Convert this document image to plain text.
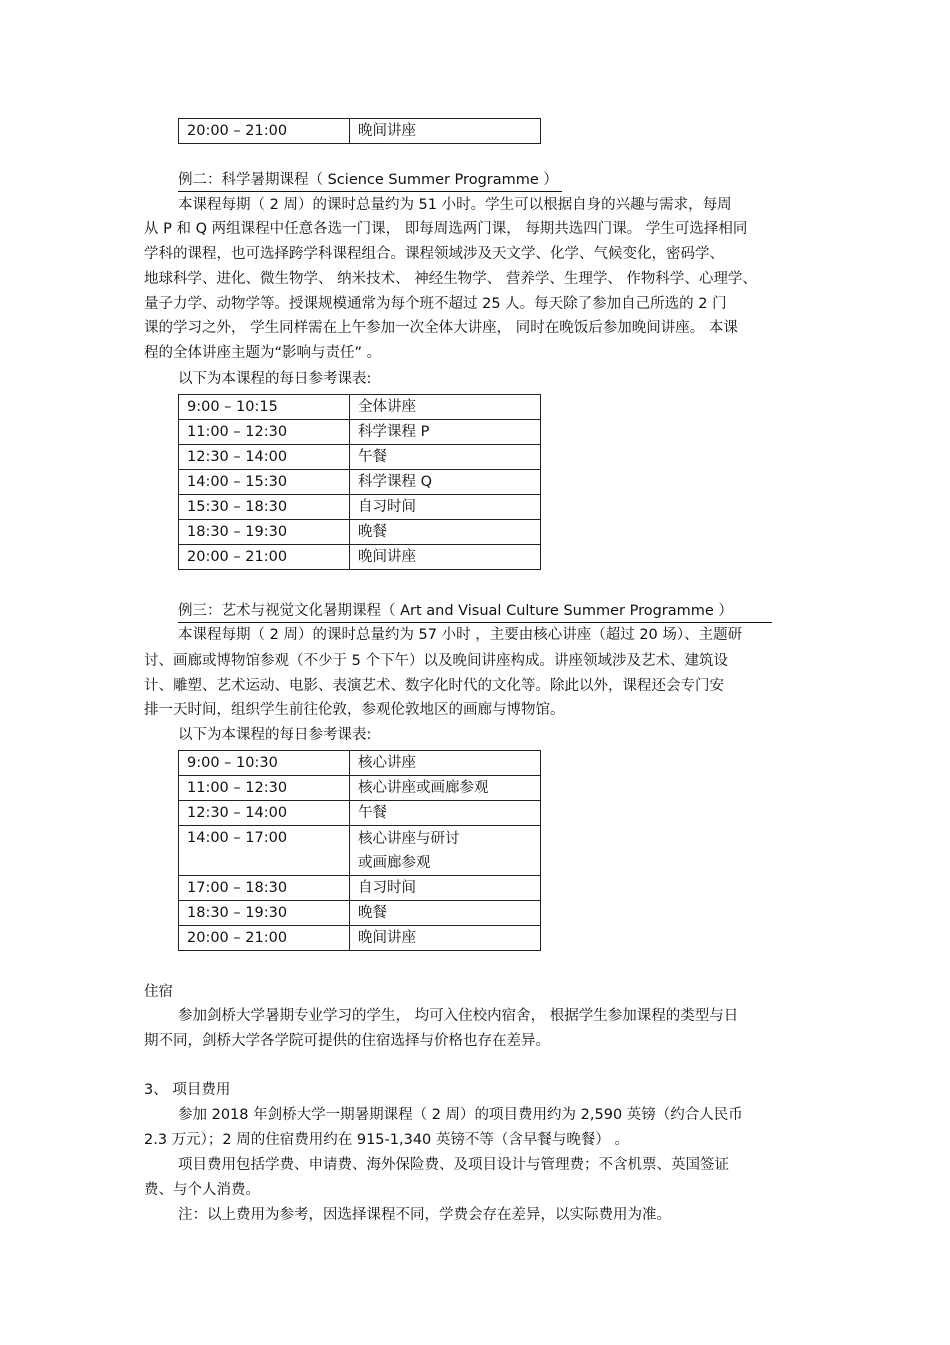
20:00 – 21:00	晚间讲座
例二：科学暑期课程（ Science Summer Programme ）
本课程每期（ 2 周）的课时总量约为 51 小时。学生可以根据自身的兴趣与需求，每周
从 P 和 Q 两组课程中任意各选一门课， 即每周选两门课， 每期共选四门课。 学生可选择相同
学科的课程，也可选择跨学科课程组合。课程领域涉及天文学、化学、气候变化，密码学、
地球科学、进化、微生物学、 纳米技术、 神经生物学、 营养学、生理学、 作物科学、心理学、
量子力学、动物学等。授课规模通常为每个班不超过 25 人。每天除了参加自己所选的 2 门
课的学习之外， 学生同样需在上午参加一次全体大讲座， 同时在晚饭后参加晚间讲座。 本课
程的全体讲座主题为“影响与责任” 。
以下为本课程的每日参考课表:
9:00 – 10:15	全体讲座
11:00 – 12:30	科学课程 P
12:30 – 14:00	午餐
14:00 – 15:30	科学课程 Q
15:30 – 18:30	自习时间
18:30 – 19:30	晚餐
20:00 – 21:00	晚间讲座
例三：艺术与视觉文化暑期课程（ Art and Visual Culture Summer Programme ）
本课程每期（ 2 周）的课时总量约为 57 小时 ，主要由核心讲座（超过 20 场）、主题研
讨、画廊或博物馆参观（不少于 5 个下午）以及晚间讲座构成。讲座领域涉及艺术、建筑设
计、雕塑、艺术运动、电影、表演艺术、数字化时代的文化等。除此以外，课程还会专门安
排一天时间，组织学生前往伦敦，参观伦敦地区的画廊与博物馆。
以下为本课程的每日参考课表:
9:00 – 10:30	核心讲座
11:00 – 12:30	核心讲座或画廊参观
12:30 – 14:00	午餐
14:00 – 17:00	核心讲座与研讨
或画廊参观
17:00 – 18:30	自习时间
18:30 – 19:30	晚餐
20:00 – 21:00	晚间讲座
住宿
参加剑桥大学暑期专业学习的学生， 均可入住校内宿舍， 根据学生参加课程的类型与日
期不同，剑桥大学各学院可提供的住宿选择与价格也存在差异。
3、 项目费用
参加 2018 年剑桥大学一期暑期课程（ 2 周）的项目费用约为 2,590 英镑（约合人民币
2.3 万元）；2 周的住宿费用约在 915-1,340 英镑不等（含早餐与晚餐） 。
项目费用包括学费、申请费、海外保险费、及项目设计与管理费；不含机票、英国签证
费、与个人消费。
注：以上费用为参考，因选择课程不同，学费会存在差异，以实际费用为准。
